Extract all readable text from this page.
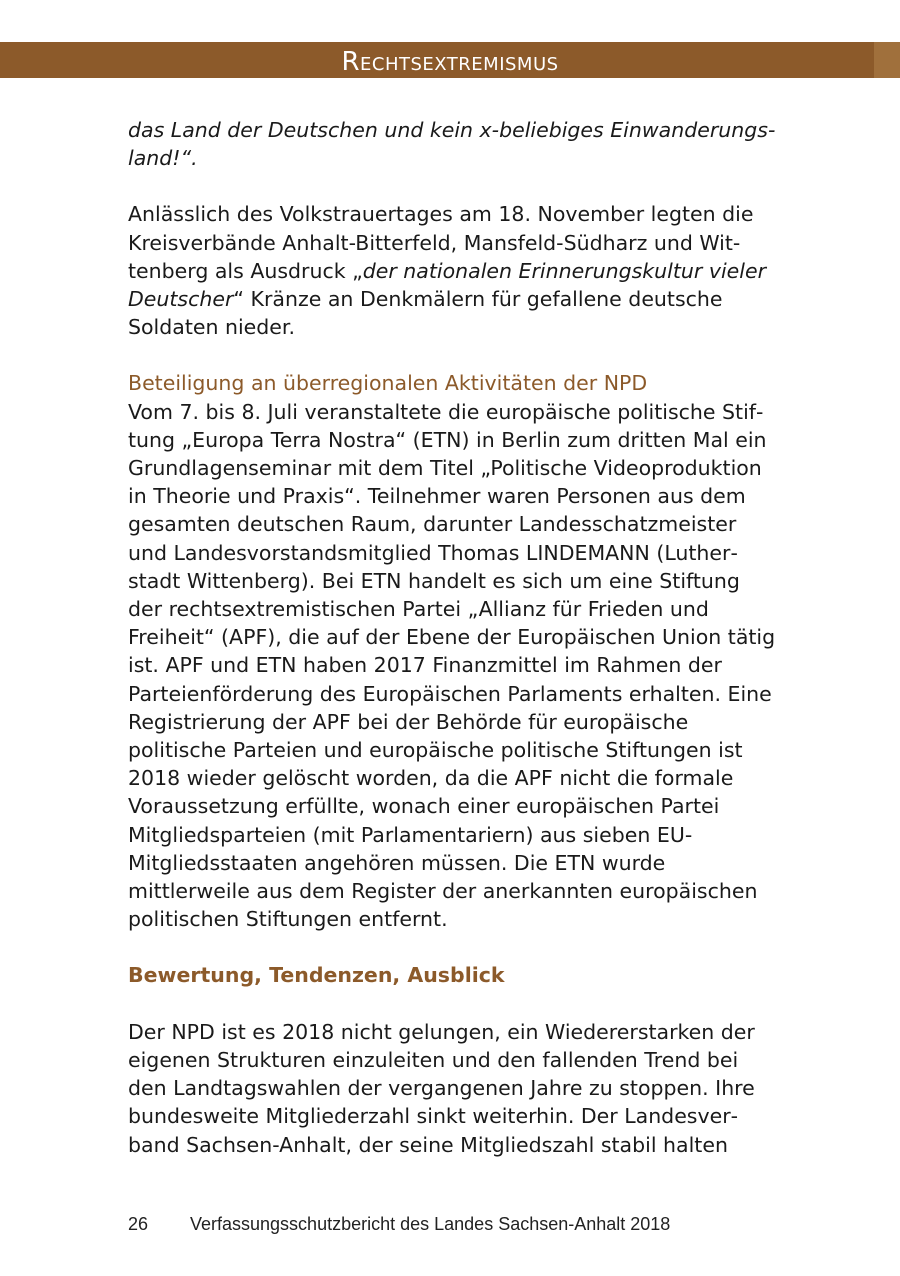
Rechtsextremismus

das Land der Deutschen und kein x-beliebiges Einwanderungsland!“.

Anlässlich des Volkstrauertages am 18. November legten die Kreisverbände Anhalt-Bitterfeld, Mansfeld-Südharz und Wittenberg als Ausdruck „der nationalen Erinnerungskultur vieler Deutscher“ Kränze an Denkmälern für gefallene deutsche Soldaten nieder.

Beteiligung an überregionalen Aktivitäten der NPD

Vom 7. bis 8. Juli veranstaltete die europäische politische Stiftung „Europa Terra Nostra“ (ETN) in Berlin zum dritten Mal ein Grundlagenseminar mit dem Titel „Politische Videoproduktion in Theorie und Praxis“. Teilnehmer waren Personen aus dem gesamten deutschen Raum, darunter Landesschatzmeister und Landesvorstandsmitglied Thomas LINDEMANN (Lutherstadt Wittenberg). Bei ETN handelt es sich um eine Stiftung der rechtsextremistischen Partei „Allianz für Frieden und Freiheit“ (APF), die auf der Ebene der Europäischen Union tätig ist. APF und ETN haben 2017 Finanzmittel im Rahmen der Parteienförderung des Europäischen Parlaments erhalten. Eine Registrierung der APF bei der Behörde für europäische politische Parteien und europäische politische Stiftungen ist 2018 wieder gelöscht worden, da die APF nicht die formale Voraussetzung erfüllte, wonach einer europäischen Partei Mitgliedsparteien (mit Parlamentariern) aus sieben EU-Mitgliedsstaaten angehören müssen. Die ETN wurde mittlerweile aus dem Register der anerkannten europäischen politischen Stiftungen entfernt.

Bewertung, Tendenzen, Ausblick

Der NPD ist es 2018 nicht gelungen, ein Wiedererstarken der eigenen Strukturen einzuleiten und den fallenden Trend bei den Landtagswahlen der vergangenen Jahre zu stoppen. Ihre bundesweite Mitgliederzahl sinkt weiterhin. Der Landesverband Sachsen-Anhalt, der seine Mitgliedszahl stabil halten

26 Verfassungsschutzbericht des Landes Sachsen-Anhalt 2018
